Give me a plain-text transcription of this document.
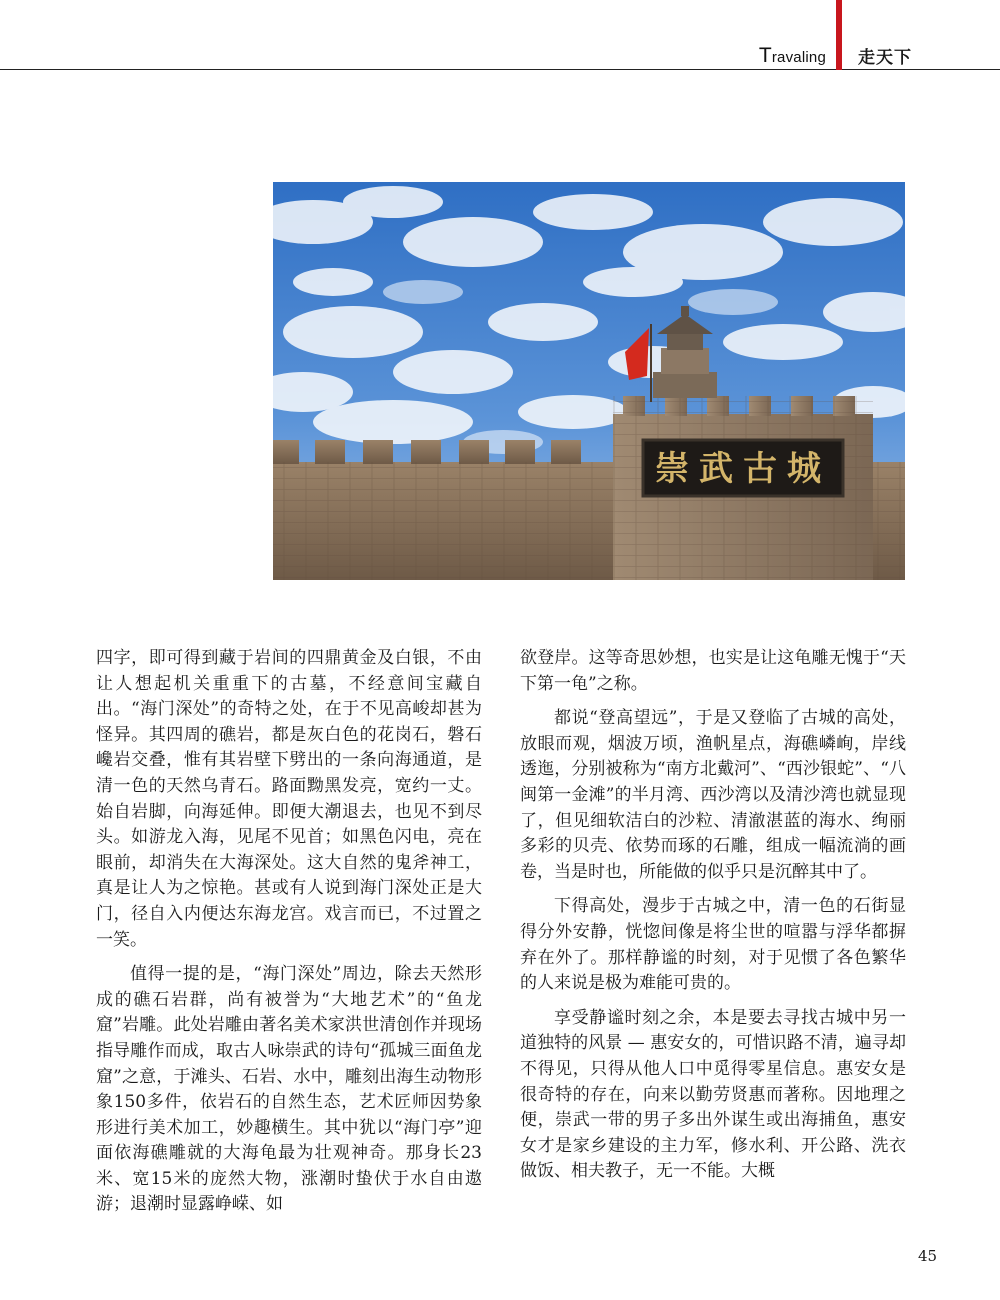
Travaling 走天下
崇武古城

四字，即可得到藏于岩间的四鼎黄金及白银，不由让人想起机关重重下的古墓，不经意间宝藏自出。“海门深处”的奇特之处，在于不见高峻却甚为怪异。其四周的礁岩，都是灰白色的花岗石，磐石巉岩交叠，惟有其岩壁下劈出的一条向海通道，是清一色的天然乌青石。路面黝黑发亮，宽约一丈。始自岩脚，向海延伸。即便大潮退去，也见不到尽头。如游龙入海，见尾不见首；如黑色闪电，亮在眼前，却消失在大海深处。这大自然的鬼斧神工，真是让人为之惊艳。甚或有人说到海门深处正是大门，径自入内便达东海龙宫。戏言而已，不过置之一笑。

值得一提的是，“海门深处”周边，除去天然形成的礁石岩群，尚有被誉为“大地艺术”的“鱼龙窟”岩雕。此处岩雕由著名美术家洪世清创作并现场指导雕作而成，取古人咏崇武的诗句“孤城三面鱼龙窟”之意，于滩头、石岩、水中，雕刻出海生动物形象150多件，依岩石的自然生态，艺术匠师因势象形进行美术加工，妙趣横生。其中犹以“海门亭”迎面依海礁雕就的大海龟最为壮观神奇。那身长23米、宽15米的庞然大物，涨潮时蛰伏于水自由遨游；退潮时显露峥嵘、如

欲登岸。这等奇思妙想，也实是让这龟雕无愧于“天下第一龟”之称。

都说“登高望远”，于是又登临了古城的高处，放眼而观，烟波万顷，渔帆星点，海礁嶙峋，岸线透迤，分别被称为“南方北戴河”、“西沙银蛇”、“八闽第一金滩”的半月湾、西沙湾以及清沙湾也就显现了，但见细软洁白的沙粒、清澈湛蓝的海水、绚丽多彩的贝壳、依势而琢的石雕，组成一幅流淌的画卷，当是时也，所能做的似乎只是沉醉其中了。

下得高处，漫步于古城之中，清一色的石街显得分外安静，恍惚间像是将尘世的喧嚣与浮华都摒弃在外了。那样静谧的时刻，对于见惯了各色繁华的人来说是极为难能可贵的。

享受静谧时刻之余，本是要去寻找古城中另一道独特的风景 — 惠安女的，可惜识路不清，遍寻却不得见，只得从他人口中觅得零星信息。惠安女是很奇特的存在，向来以勤劳贤惠而著称。因地理之便，崇武一带的男子多出外谋生或出海捕鱼，惠安女才是家乡建设的主力军，修水利、开公路、洗衣做饭、相夫教子，无一不能。大概

45
